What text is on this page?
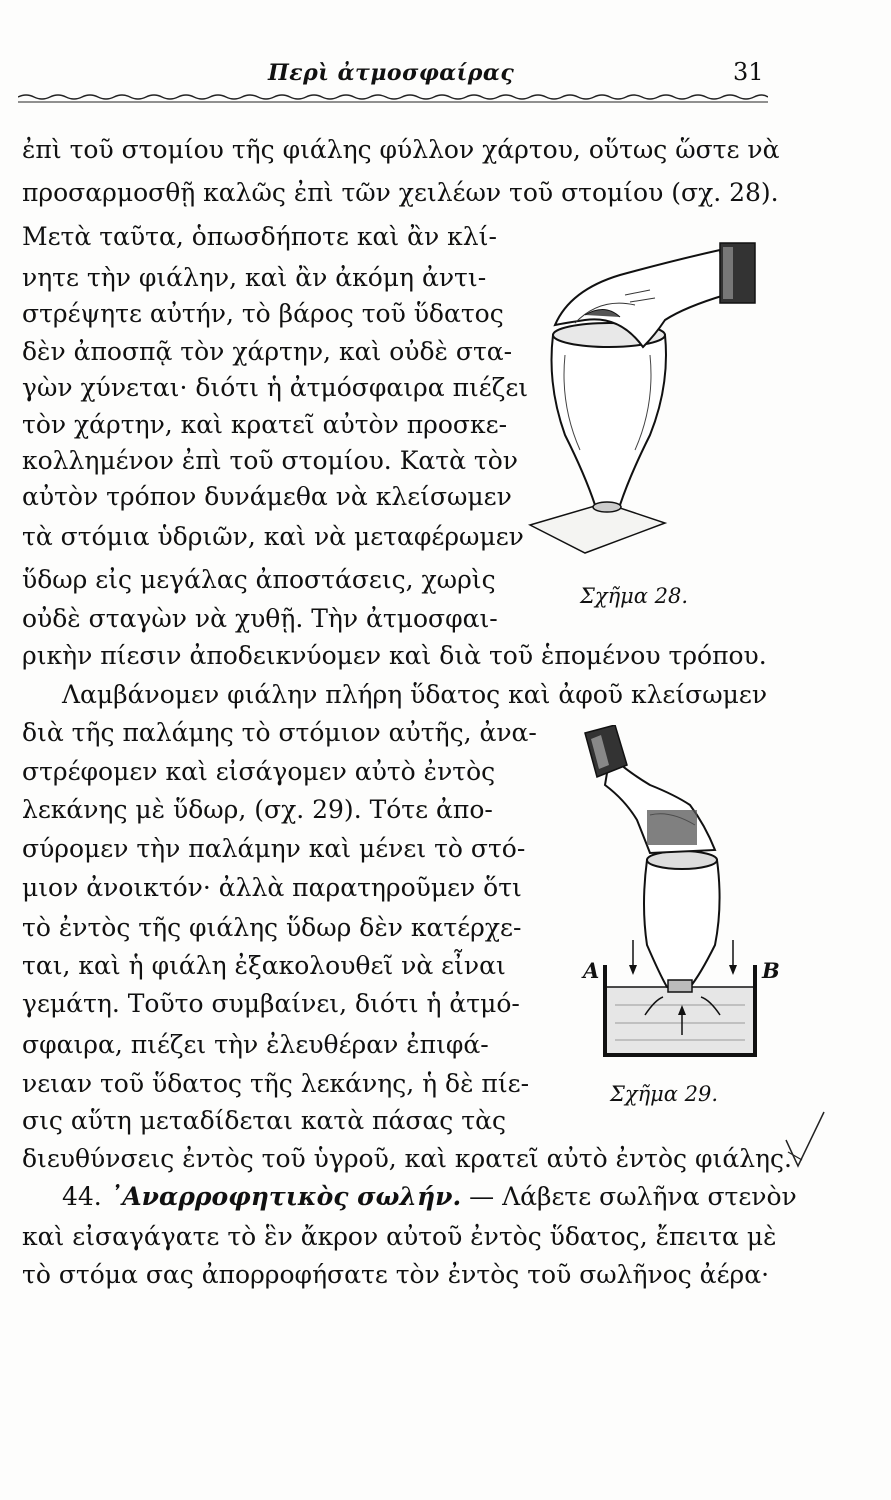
Περὶ ἀτμοσφαίρας	31
ἐπὶ τοῦ στομίου τῆς φιάλης φύλλον χάρτου, οὕτως ὥστε νὰ
προσαρμοσθῇ καλῶς ἐπὶ τῶν χειλέων τοῦ στομίου (σχ. 28).
Μετὰ ταῦτα, ὁπωσδήποτε καὶ ἂν κλί-
νητε τὴν φιάλην, καὶ ἂν ἀκόμη ἀντι-
στρέψητε αὐτήν, τὸ βάρος τοῦ ὕδατος
δὲν ἀποσπᾷ τὸν χάρτην, καὶ οὐδὲ στα-
γὼν χύνεται· διότι ἡ ἀτμόσφαιρα πιέζει
τὸν χάρτην, καὶ κρατεῖ αὐτὸν προσκε-
κολλημένον ἐπὶ τοῦ στομίου. Κατὰ τὸν
αὐτὸν τρόπον δυνάμεθα νὰ κλείσωμεν
τὰ στόμια ὑδριῶν, καὶ νὰ μεταφέρωμεν
ὕδωρ εἰς μεγάλας ἀποστάσεις, χωρὶς
οὐδὲ σταγὼν νὰ χυθῇ. Τὴν ἀτμοσφαι-
ρικὴν πίεσιν ἀποδεικνύομεν καὶ διὰ τοῦ ἑπομένου τρόπου.
Λαμβάνομεν φιάλην πλήρη ὕδατος καὶ ἀφοῦ κλείσωμεν
διὰ τῆς παλάμης τὸ στόμιον αὐτῆς, ἀνα-
στρέφομεν καὶ εἰσάγομεν αὐτὸ ἐντὸς
λεκάνης μὲ ὕδωρ, (σχ. 29). Τότε ἀπο-
σύρομεν τὴν παλάμην καὶ μένει τὸ στό-
μιον ἀνοικτόν· ἀλλὰ παρατηροῦμεν ὅτι
τὸ ἐντὸς τῆς φιάλης ὕδωρ δὲν κατέρχε-
ται, καὶ ἡ φιάλη ἐξακολουθεῖ νὰ εἶναι
γεμάτη. Τοῦτο συμβαίνει, διότι ἡ ἀτμό-
σφαιρα, πιέζει τὴν ἐλευθέραν ἐπιφά-
νειαν τοῦ ὕδατος τῆς λεκάνης, ἡ δὲ πίε-
σις αὕτη μεταδίδεται κατὰ πάσας τὰς
διευθύνσεις ἐντὸς τοῦ ὑγροῦ, καὶ κρατεῖ αὐτὸ ἐντὸς φιάλης.
44. ᾿Αναρροφητικὸς σωλήν. — Λάβετε σωλῆνα στενὸν
καὶ εἰσαγάγατε τὸ ἓν ἄκρον αὐτοῦ ἐντὸς ὕδατος, ἔπειτα μὲ
τὸ στόμα σας ἀπορροφήσατε τὸν ἐντὸς τοῦ σωλῆνος ἀέρα·
Σχῆμα 28.
A	B
Σχῆμα 29.
